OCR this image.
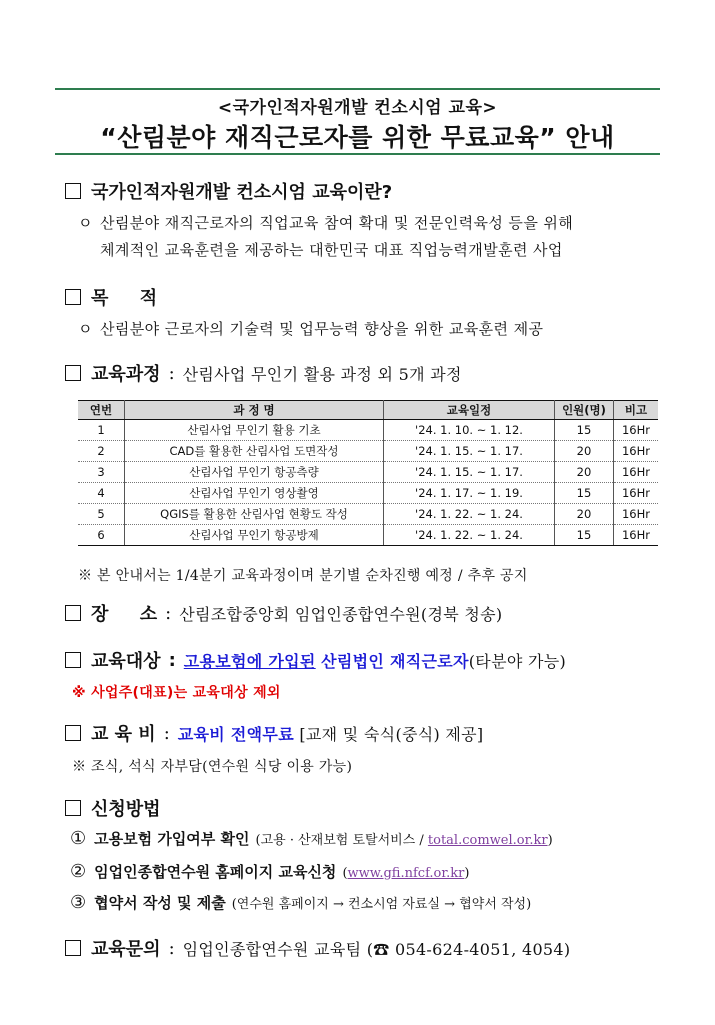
<국가인적자원개발 컨소시엄 교육>
“산림분야 재직근로자를 위한 무료교육” 안내
국가인적자원개발 컨소시엄 교육이란?
ㅇ 산림분야 재직근로자의 직업교육 참여 확대 및 전문인력육성 등을 위해
체계적인 교육훈련을 제공하는 대한민국 대표 직업능력개발훈련 사업
목     적
ㅇ 산림분야 근로자의 기술력 및 업무능력 향상을 위한 교육훈련 제공
교육과정 : 산림사업 무인기 활용 과정 외 5개 과정
연번	과 정 명	교육일정	인원(명)	비고
1	산림사업 무인기 활용 기초	'24. 1. 10. ~ 1. 12.	15	16Hr
2	CAD를 활용한 산림사업 도면작성	'24. 1. 15. ~ 1. 17.	20	16Hr
3	산림사업 무인기 항공측량	'24. 1. 15. ~ 1. 17.	20	16Hr
4	산림사업 무인기 영상촬영	'24. 1. 17. ~ 1. 19.	15	16Hr
5	QGIS를 활용한 산림사업 현황도 작성	'24. 1. 22. ~ 1. 24.	20	16Hr
6	산림사업 무인기 항공방제	'24. 1. 22. ~ 1. 24.	15	16Hr
※ 본 안내서는 1/4분기 교육과정이며 분기별 순차진행 예정 / 추후 공지
장     소 : 산림조합중앙회 임업인종합연수원(경북 청송)
교육대상 : 고용보험에 가입된 산림법인 재직근로자(타분야 가능)
※ 사업주(대표)는 교육대상 제외
교 육 비 : 교육비 전액무료 [교재 및 숙식(중식) 제공]
※ 조식, 석식 자부담(연수원 식당 이용 가능)
신청방법
① 고용보험 가입여부 확인 (고용 · 산재보험 토탈서비스 / total.comwel.or.kr)
② 임업인종합연수원 홈페이지 교육신청 (www.gfi.nfcf.or.kr)
③ 협약서 작성 및 제출 (연수원 홈페이지 → 컨소시엄 자료실 → 협약서 작성)
교육문의 : 임업인종합연수원 교육팀 (☎ 054-624-4051, 4054)
